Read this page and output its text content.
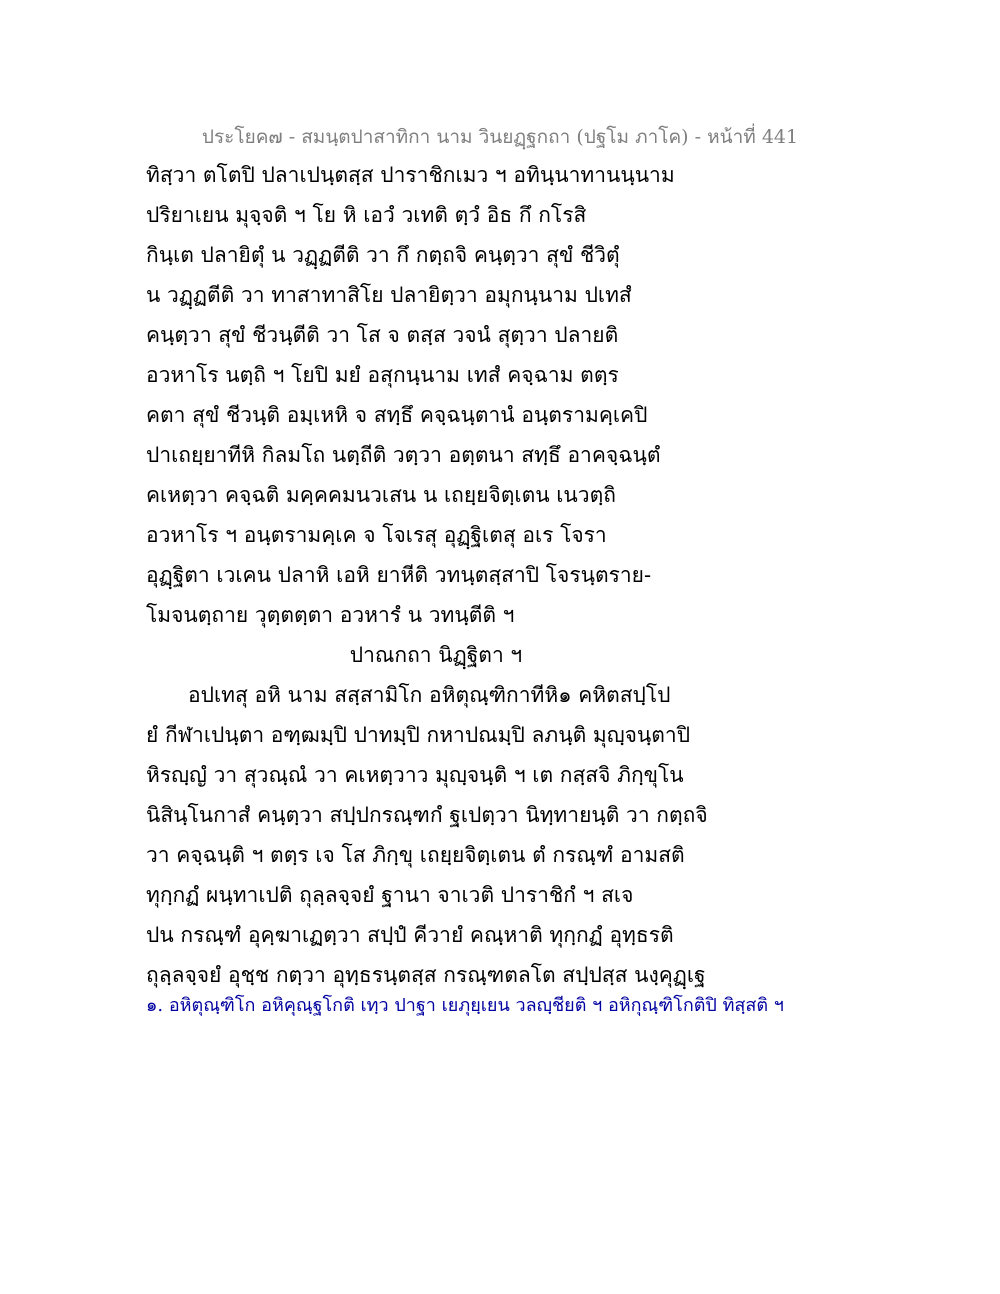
ประโยค๗ - สมนฺตปาสาทิกา นาม วินยฏฺฐกถา (ปฐโม ภาโค) - หน้าที่ 441
ทิสฺวา ตโตปิ ปลาเปนฺตสฺส ปาราชิกเมว ฯ อทินฺนาทานนฺนาม
ปริยาเยน มุจฺจติ ฯ โย หิ เอวํ วเทติ ตฺวํ อิธ กึ กโรสิ
กินฺเต ปลายิตุํ น วฏฺฏตีติ วา กึ กตฺถจิ คนฺตฺวา สุขํ ชีวิตุํ
น วฏฺฏตีติ วา ทาสาทาสิโย ปลายิตฺวา อมุกนฺนาม ปเทสํ
คนฺตฺวา สุขํ ชีวนฺตีติ วา โส จ ตสฺส วจนํ สุตฺวา ปลายติ
อวหาโร นตฺถิ ฯ โยปิ มยํ อสุกนฺนาม เทสํ คจฺฉาม ตตฺร
คตา สุขํ ชีวนฺติ อมฺเหหิ จ สทฺธึ คจฺฉนฺตานํ อนฺตรามคฺเคปิ
ปาเถยฺยาทีหิ กิลมโถ นตฺถีติ วตฺวา อตฺตนา สทฺธึ อาคจฺฉนฺตํ
คเหตฺวา คจฺฉติ มคฺคคมนวเสน น เถยฺยจิตฺเตน เนวตฺถิ
อวหาโร ฯ อนฺตรามคฺเค จ โจเรสุ อุฏฺฐิเตสุ อเร โจรา
อุฏฺฐิตา เวเคน ปลาหิ เอหิ ยาหีติ วทนฺตสฺสาปิ โจรนฺตราย-
โมจนตฺถาย วุตฺตตฺตา อวหารํ น วทนฺตีติ ฯ
ปาณกถา นิฏฺฐิตา ฯ
อปเทสุ อหิ นาม สสฺสามิโก อหิตุณฺฑิกาทีหิ๑ คหิตสปฺโป
ยํ กีฬาเปนฺตา อฑฺฒมฺปิ ปาทมฺปิ กหาปณมฺปิ ลภนฺติ มุญฺจนฺตาปิ
หิรญฺญํ วา สุวณฺณํ วา คเหตฺวาว มุญฺจนฺติ ฯ เต กสฺสจิ ภิกฺขุโน
นิสินฺโนกาสํ คนฺตฺวา สปฺปกรณฺฑกํ ฐเปตฺวา นิทฺทายนฺติ วา กตฺถจิ
วา คจฺฉนฺติ ฯ ตตฺร เจ โส ภิกฺขุ เถยฺยจิตฺเตน ตํ กรณฺฑํ อามสติ
ทุกฺกฏํ ผนฺทาเปติ ถุลฺลจฺจยํ ฐานา จาเวติ ปาราชิกํ ฯ สเจ
ปน กรณฺฑํ อุคฺฆาเฏตฺวา สปฺปํ คีวายํ คณฺหาติ ทุกฺกฏํ อุทฺธรติ
ถุลฺลจฺจยํ อุชฺช กตฺวา อุทฺธรนฺตสฺส กรณฺฑตลโต สปฺปสฺส นงฺคุฏฺเฐ
๑. อหิตุณฺฑิโก อหิคุณฺฐโกติ เทฺว ปาฐา เยภุยฺเยน วลญฺชียติ ฯ อหิกุณฺฑิโกติปิ ทิสฺสติ ฯ
